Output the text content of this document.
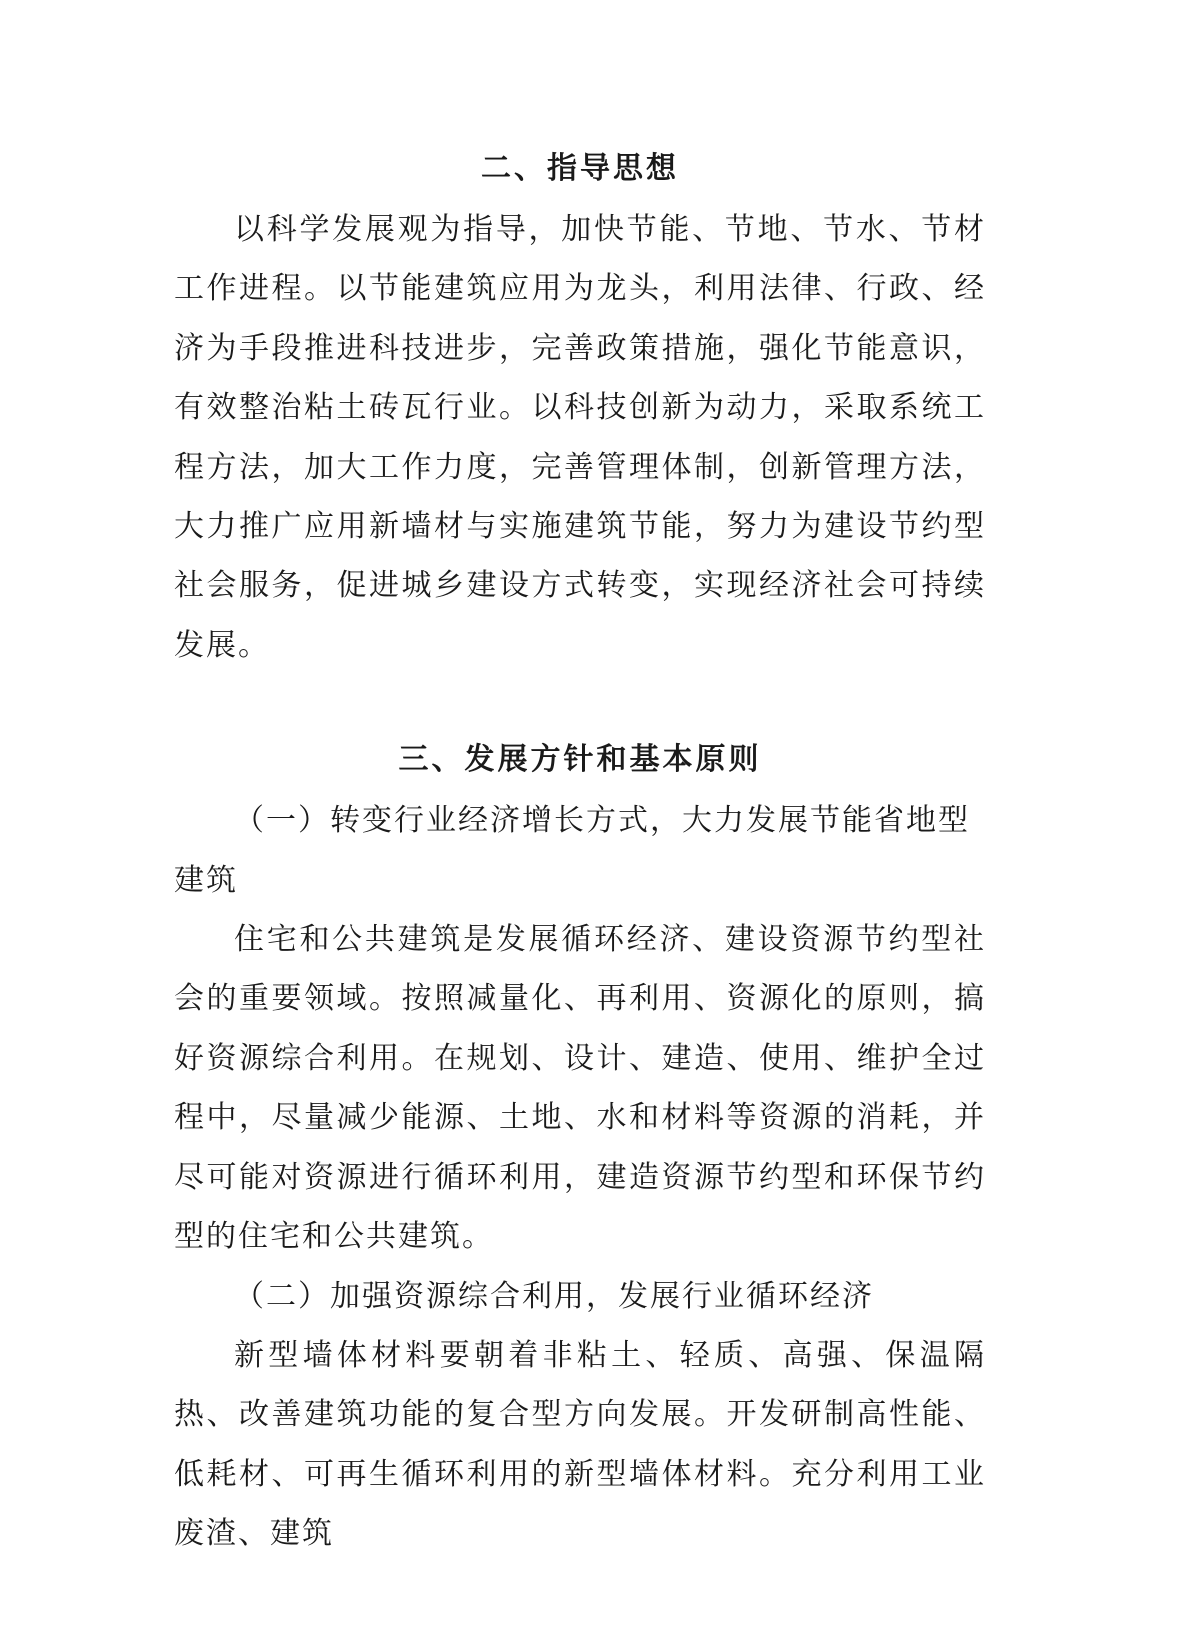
二、指导思想

以科学发展观为指导，加快节能、节地、节水、节材工作进程。以节能建筑应用为龙头，利用法律、行政、经济为手段推进科技进步，完善政策措施，强化节能意识，有效整治粘土砖瓦行业。以科技创新为动力，采取系统工程方法，加大工作力度，完善管理体制，创新管理方法，大力推广应用新墙材与实施建筑节能，努力为建设节约型社会服务，促进城乡建设方式转变，实现经济社会可持续发展。

三、发展方针和基本原则

（一）转变行业经济增长方式，大力发展节能省地型建筑

住宅和公共建筑是发展循环经济、建设资源节约型社会的重要领域。按照减量化、再利用、资源化的原则，搞好资源综合利用。在规划、设计、建造、使用、维护全过程中，尽量减少能源、土地、水和材料等资源的消耗，并尽可能对资源进行循环利用，建造资源节约型和环保节约型的住宅和公共建筑。

（二）加强资源综合利用，发展行业循环经济

新型墙体材料要朝着非粘土、轻质、高强、保温隔热、改善建筑功能的复合型方向发展。开发研制高性能、低耗材、可再生循环利用的新型墙体材料。充分利用工业废渣、建筑
